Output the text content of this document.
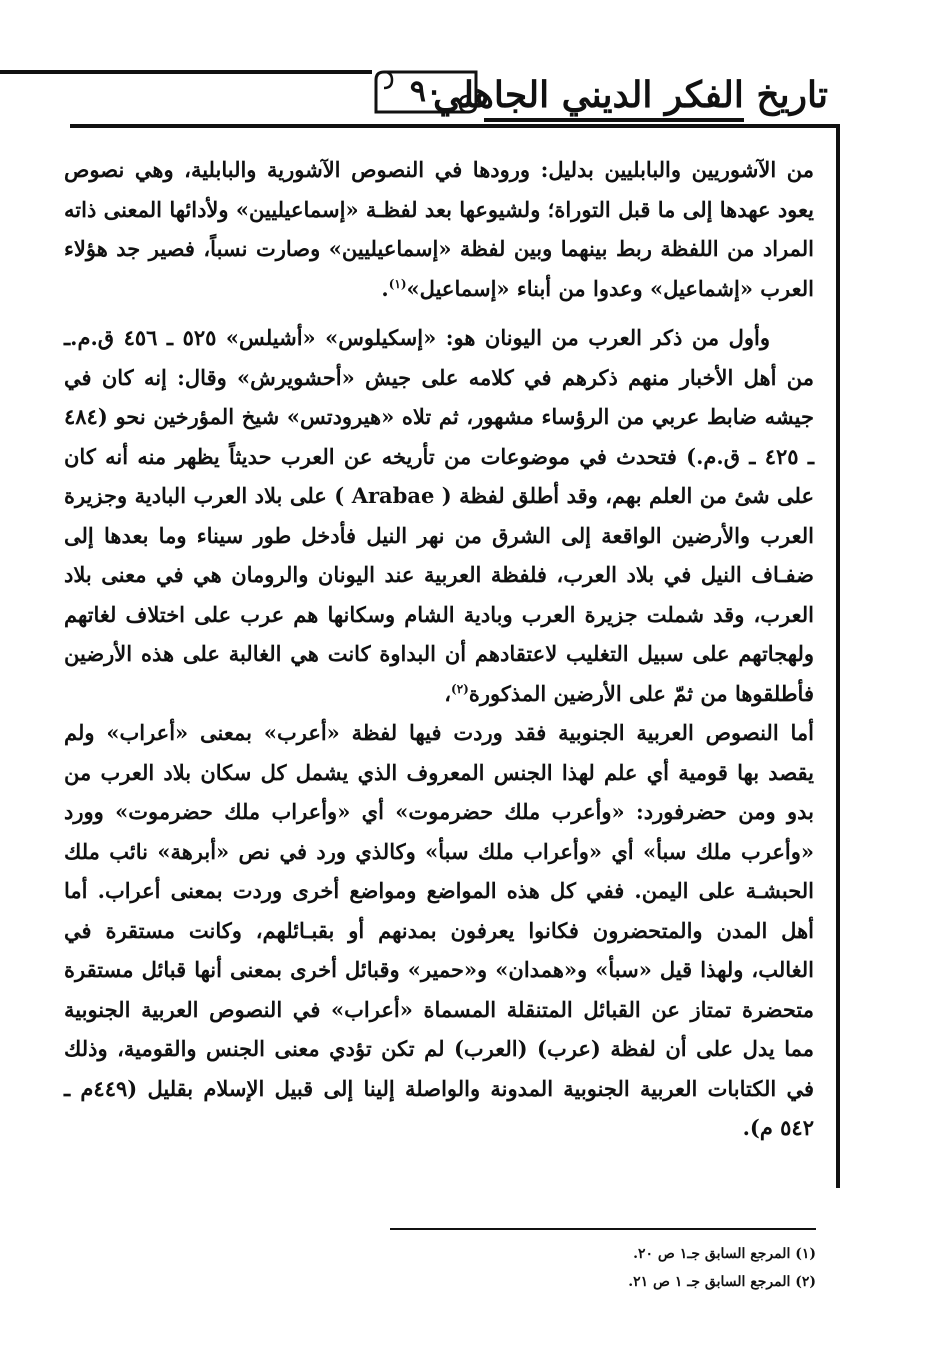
٩٠
تاريخ الفكر الديني الجاهلي

من الآشوريين والبابليين بدليل: ورودها في النصوص الآشورية والبابلية، وهي نصوص يعود عهدها إلى ما قبل التوراة؛ ولشيوعها بعد لفظـة «إسماعيليين» ولأدائها المعنى ذاته المراد من اللفظة ربط بينهما وبين لفظة «إسماعيليين» وصارت نسباً، فصير جد هؤلاء العرب «إشماعيل» وعدوا من أبناء «إسماعيل»$^{(١)}$.

وأول من ذكر العرب من اليونان هو: «إسكيلوس» «أشيلس» ٥٢٥ ـ ٤٥٦ ق.م.ـ من أهل الأخبار منهم ذكرهم في كلامه على جيش «أحشويرش» وقال: إنه كان في جيشه ضابط عربي من الرؤساء مشهور، ثم تلاه «هيرودتس» شيخ المؤرخين نحو (٤٨٤ ـ ٤٢٥ ـ ق.م.) فتحدث في موضوعات من تأريخه عن العرب حديثاً يظهر منه أنه كان على شئ من العلم بهم، وقد أطلق لفظة ( Arabae ) على بلاد العرب البادية وجزيرة العرب والأرضين الواقعة إلى الشرق من نهر النيل فأدخل طور سيناء وما بعدها إلى ضفـاف النيل في بلاد العرب، فلفظة العربية عند اليونان والرومان هي في معنى بلاد العرب، وقد شملت جزيرة العرب وبادية الشام وسكانها هم عرب على اختلاف لغاتهم ولهجاتهم على سبيل التغليب لاعتقادهم أن البداوة كانت هي الغالبة على هذه الأرضين فأطلقوها من ثمّ على الأرضين المذكورة$^{(٢)}$،

أما النصوص العربية الجنوبية فقد وردت فيها لفظة «أعرب» بمعنى «أعراب» ولم يقصد بها قومية أي علم لهذا الجنس المعروف الذي يشمل كل سكان بلاد العرب من بدو ومن حضرفورد: «وأعرب ملك حضرموت» أي «وأعراب ملك حضرموت» وورد «وأعرب ملك سبأ» أي «وأعراب ملك سبأ» وكالذي ورد في نص «أبرهة» نائب ملك الحبشـة على اليمن. ففي كل هذه المواضع ومواضع أخرى وردت بمعنى أعراب. أما أهل المدن والمتحضرون فكانوا يعرفون بمدنهم أو بقبـائلهم، وكانت مستقرة في الغالب، ولهذا قيل «سبأ» و«همدان» و«حمير» وقبائل أخرى بمعنى أنها قبائل مستقرة متحضرة تمتاز عن القبائل المتنقلة المسماة «أعراب» في النصوص العربية الجنوبية مما يدل على أن لفظة (عرب) (العرب) لم تكن تؤدي معنى الجنس والقومية، وذلك في الكتابات العربية الجنوبية المدونة والواصلة إلينا إلى قبيل الإسلام بقليل (٤٤٩م ـ ٥٤٢ م).

(١) المرجع السابق جـ١ ص ٢٠.

(٢) المرجع السابق جـ ١ ص ٢١.
